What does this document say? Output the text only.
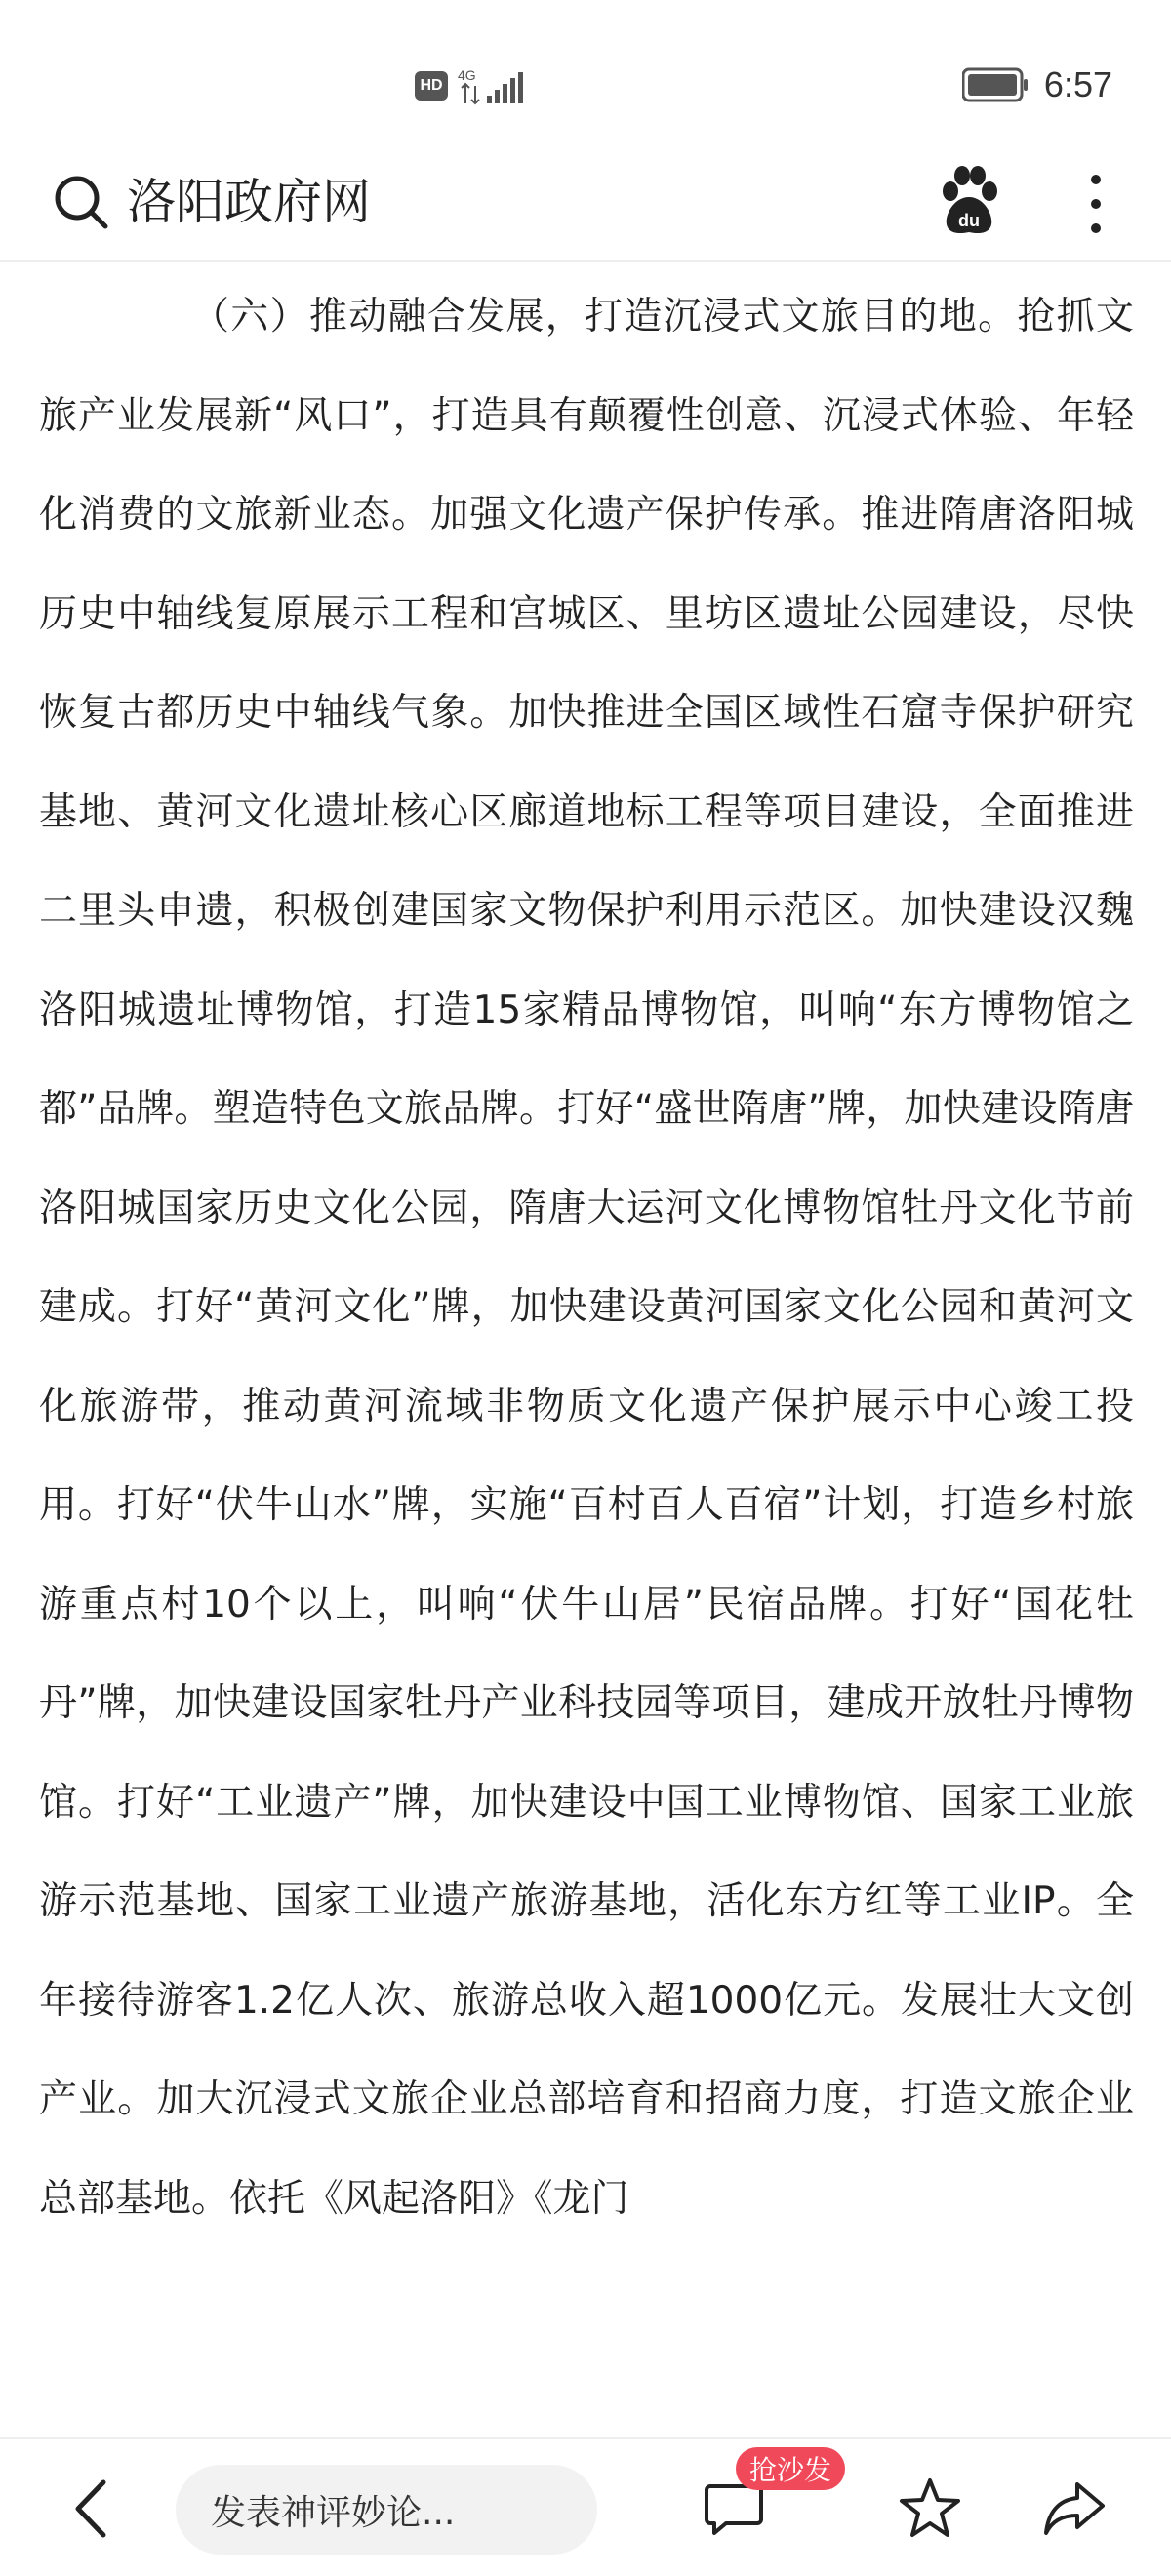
HD
4G	6:57
洛阳政府网	du

（六）推动融合发展，打造沉浸式文旅目的地。抢抓文旅产业发展新“风口”，打造具有颠覆性创意、沉浸式体验、年轻化消费的文旅新业态。加强文化遗产保护传承。推进隋唐洛阳城历史中轴线复原展示工程和宫城区、里坊区遗址公园建设，尽快恢复古都历史中轴线气象。加快推进全国区域性石窟寺保护研究基地、黄河文化遗址核心区廊道地标工程等项目建设，全面推进二里头申遗，积极创建国家文物保护利用示范区。加快建设汉魏洛阳城遗址博物馆，打造15家精品博物馆，叫响“东方博物馆之都”品牌。塑造特色文旅品牌。打好“盛世隋唐”牌，加快建设隋唐洛阳城国家历史文化公园，隋唐大运河文化博物馆牡丹文化节前建成。打好“黄河文化”牌，加快建设黄河国家文化公园和黄河文化旅游带，推动黄河流域非物质文化遗产保护展示中心竣工投用。打好“伏牛山水”牌，实施“百村百人百宿”计划，打造乡村旅游重点村10个以上，叫响“伏牛山居”民宿品牌。打好“国花牡丹”牌，加快建设国家牡丹产业科技园等项目，建成开放牡丹博物馆。打好“工业遗产”牌，加快建设中国工业博物馆、国家工业旅游示范基地、国家工业遗产旅游基地，活化东方红等工业IP。全年接待游客1.2亿人次、旅游总收入超1000亿元。发展壮大文创产业。加大沉浸式文旅企业总部培育和招商力度，打造文旅企业总部基地。依托《风起洛阳》《龙门

发表神评妙论...
抢沙发
